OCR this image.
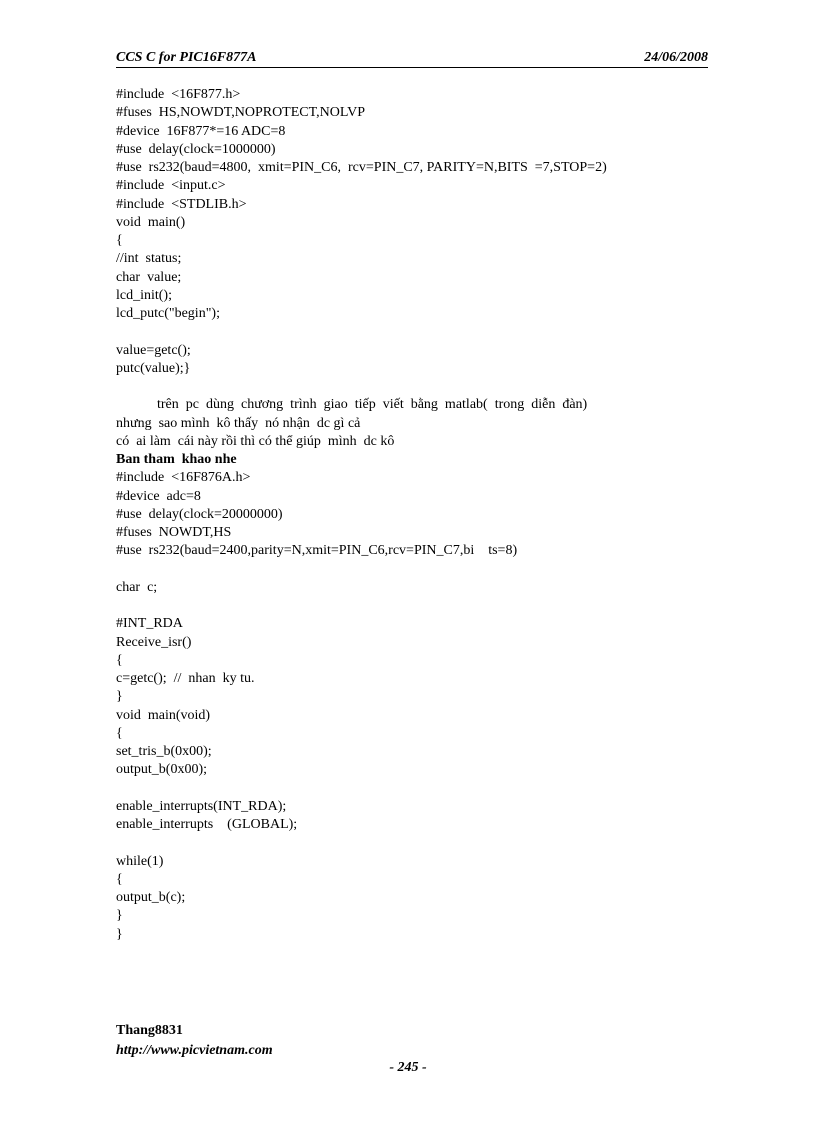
CCS C for PIC16F877A	24/06/2008
#include  <16F877.h>
#fuses  HS,NOWDT,NOPROTECT,NOLVP
#device  16F877*=16 ADC=8
#use  delay(clock=1000000)
#use  rs232(baud=4800,  xmit=PIN_C6,  rcv=PIN_C7, PARITY=N,BITS  =7,STOP=2)
#include  <input.c>
#include  <STDLIB.h>
void  main()
{
//int  status;
char  value;
lcd_init();
lcd_putc("begin");
value=getc();
putc(value);}
trên  pc  dùng  chương  trình  giao  tiếp  viết  bằng  matlab(  trong  diễn  đàn)
nhưng  sao mình  kô thấy  nó nhận  dc gì cả
có  ai làm  cái này rồi thì có thể giúp  mình  dc kô
Ban tham  khao nhe
#include  <16F876A.h>
#device  adc=8
#use  delay(clock=20000000)
#fuses  NOWDT,HS
#use  rs232(baud=2400,parity=N,xmit=PIN_C6,rcv=PIN_C7,bi    ts=8)
char  c;
#INT_RDA
Receive_isr()
{
c=getc();  //  nhan  ky tu.
}
void  main(void)
{
set_tris_b(0x00);
output_b(0x00);
enable_interrupts(INT_RDA);
enable_interrupts    (GLOBAL);
while(1)
{
output_b(c);
}
}
Thang8831
http://www.picvietnam.com
- 245 -
